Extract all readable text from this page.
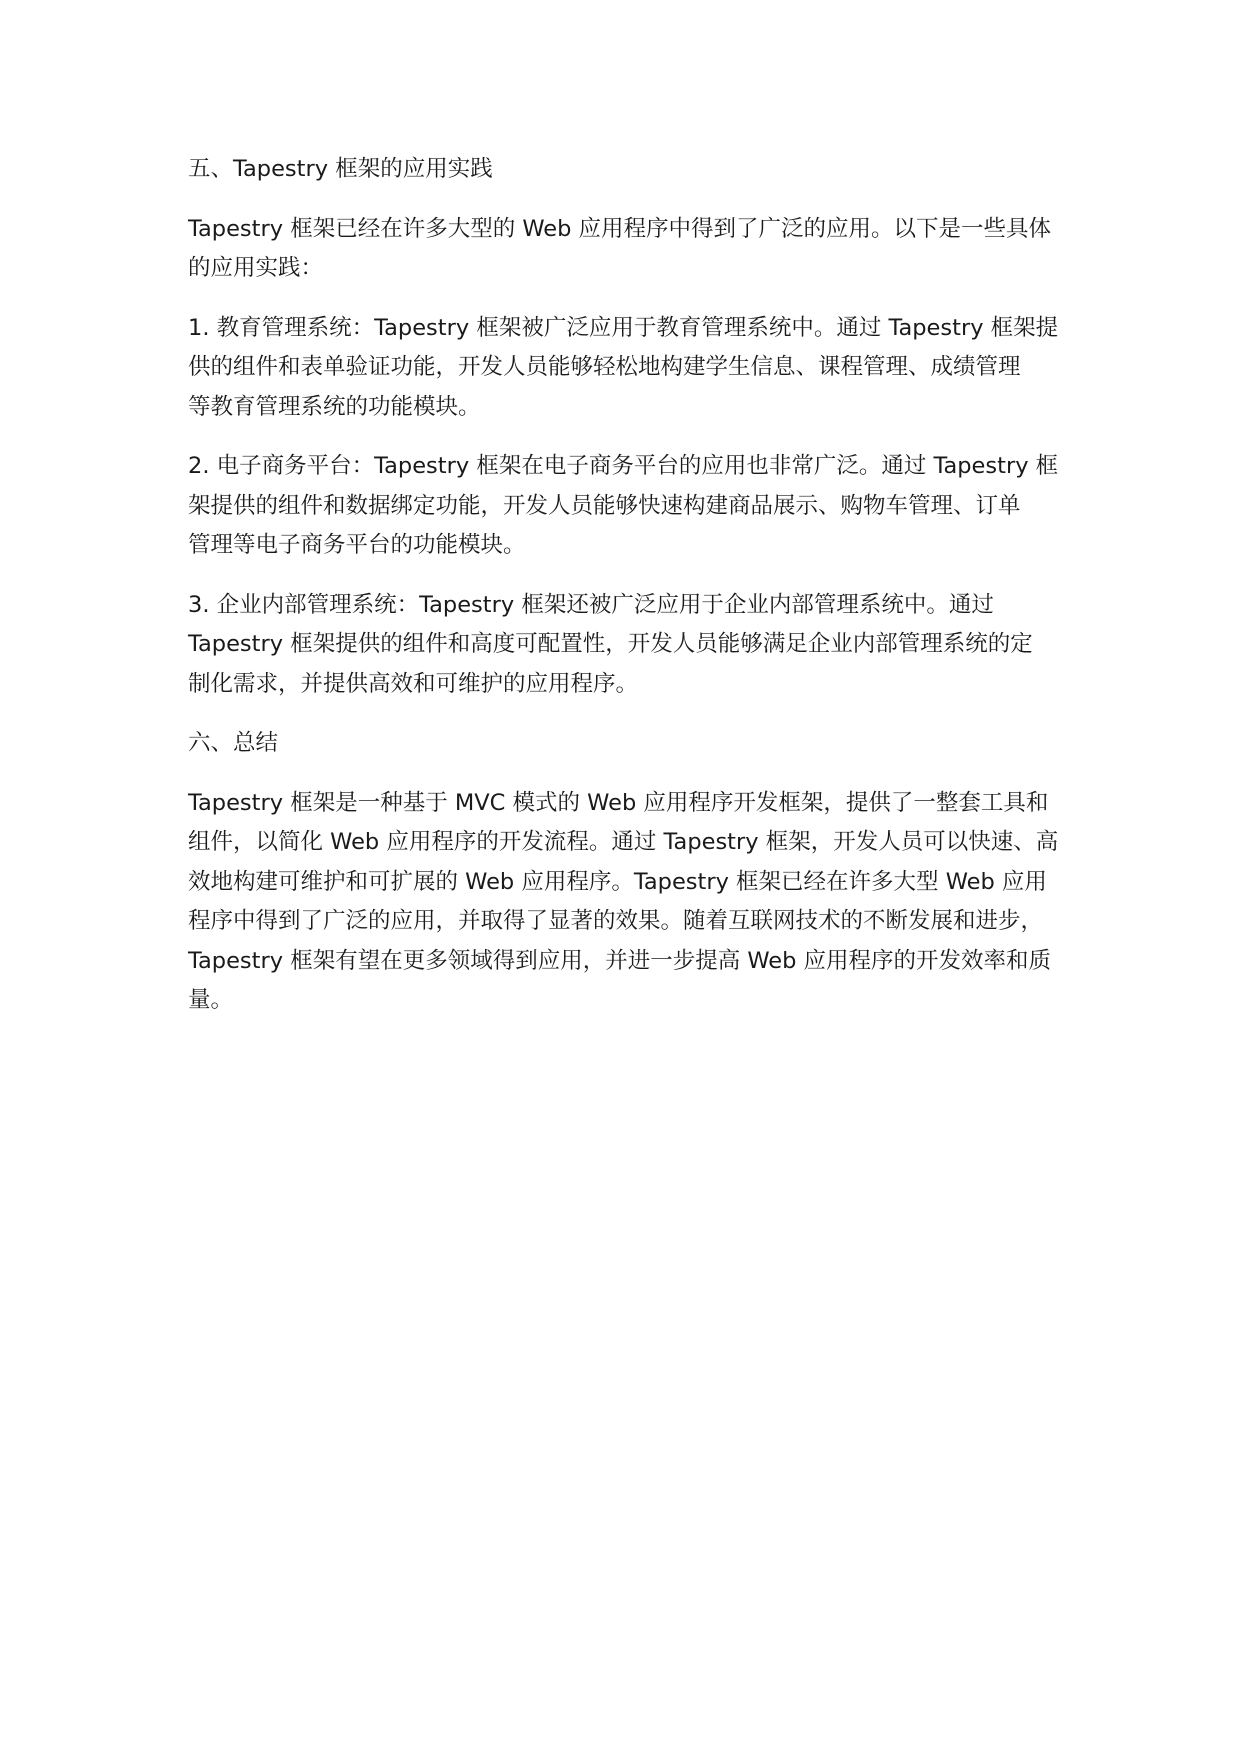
五、Tapestry 框架的应用实践

Tapestry 框架已经在许多大型的 Web 应用程序中得到了广泛的应用。以下是一些具体
的应用实践：

1. 教育管理系统：Tapestry 框架被广泛应用于教育管理系统中。通过 Tapestry 框架提
供的组件和表单验证功能，开发人员能够轻松地构建学生信息、课程管理、成绩管理
等教育管理系统的功能模块。

2. 电子商务平台：Tapestry 框架在电子商务平台的应用也非常广泛。通过 Tapestry 框
架提供的组件和数据绑定功能，开发人员能够快速构建商品展示、购物车管理、订单
管理等电子商务平台的功能模块。

3. 企业内部管理系统：Tapestry 框架还被广泛应用于企业内部管理系统中。通过
Tapestry 框架提供的组件和高度可配置性，开发人员能够满足企业内部管理系统的定
制化需求，并提供高效和可维护的应用程序。

六、总结

Tapestry 框架是一种基于 MVC 模式的 Web 应用程序开发框架，提供了一整套工具和
组件，以简化 Web 应用程序的开发流程。通过 Tapestry 框架，开发人员可以快速、高
效地构建可维护和可扩展的 Web 应用程序。Tapestry 框架已经在许多大型 Web 应用
程序中得到了广泛的应用，并取得了显著的效果。随着互联网技术的不断发展和进步，
Tapestry 框架有望在更多领域得到应用，并进一步提高 Web 应用程序的开发效率和质
量。
